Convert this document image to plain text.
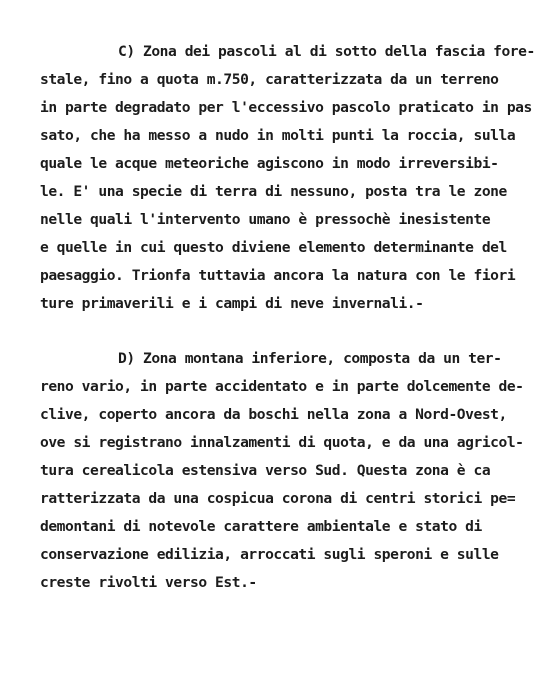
C) Zona dei pascoli al di sotto della fascia fore-
stale, fino a quota m.750, caratterizzata da un terreno
in parte degradato per l'eccessivo pascolo praticato in pas
sato, che ha messo a nudo in molti punti la roccia, sulla
quale le acque meteoriche agiscono in modo irreversibi-
le. E' una specie di terra di nessuno, posta tra le zone
nelle quali l'intervento umano è pressochè inesistente
e quelle in cui questo diviene elemento determinante del
paesaggio. Trionfa tuttavia ancora la natura con le fiori
ture primaverili e i campi di neve invernali.-
D) Zona montana inferiore, composta da un ter-
reno vario, in parte accidentato e in parte dolcemente de-
clive, coperto ancora da boschi nella zona a Nord-Ovest,
ove si registrano innalzamenti di quota, e da una agricol-
tura cerealicola estensiva verso Sud. Questa zona è ca
ratterizzata da una cospicua corona di centri storici pe=
demontani di notevole carattere ambientale e stato di
conservazione edilizia, arroccati sugli speroni e sulle
creste rivolti verso Est.-
